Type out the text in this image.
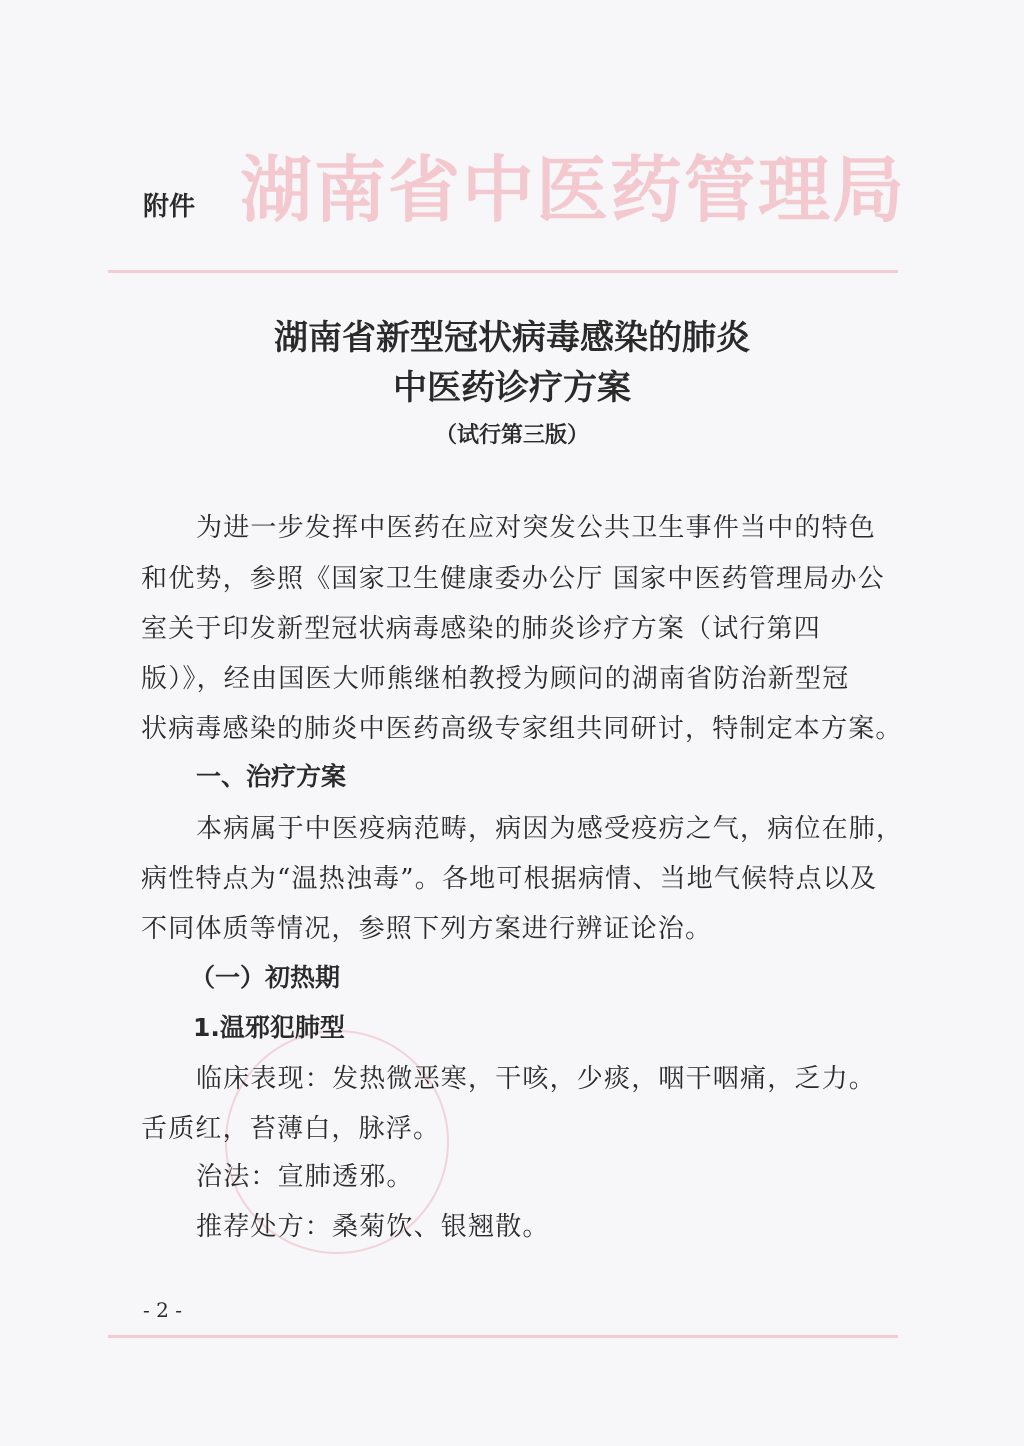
湖南省中医药管理局
附件
湖南省新型冠状病毒感染的肺炎
中医药诊疗方案
（试行第三版）
为进一步发挥中医药在应对突发公共卫生事件当中的特色
和优势，参照《国家卫生健康委办公厅 国家中医药管理局办公
室关于印发新型冠状病毒感染的肺炎诊疗方案（试行第四
版）》，经由国医大师熊继柏教授为顾问的湖南省防治新型冠
状病毒感染的肺炎中医药高级专家组共同研讨，特制定本方案。
一、治疗方案
本病属于中医疫病范畴，病因为感受疫疠之气，病位在肺，
病性特点为“温热浊毒”。各地可根据病情、当地气候特点以及
不同体质等情况，参照下列方案进行辨证论治。
（一）初热期
1.温邪犯肺型
临床表现：发热微恶寒，干咳，少痰，咽干咽痛，乏力。
舌质红，苔薄白，脉浮。
治法：宣肺透邪。
推荐处方：桑菊饮、银翘散。
- 2 -
